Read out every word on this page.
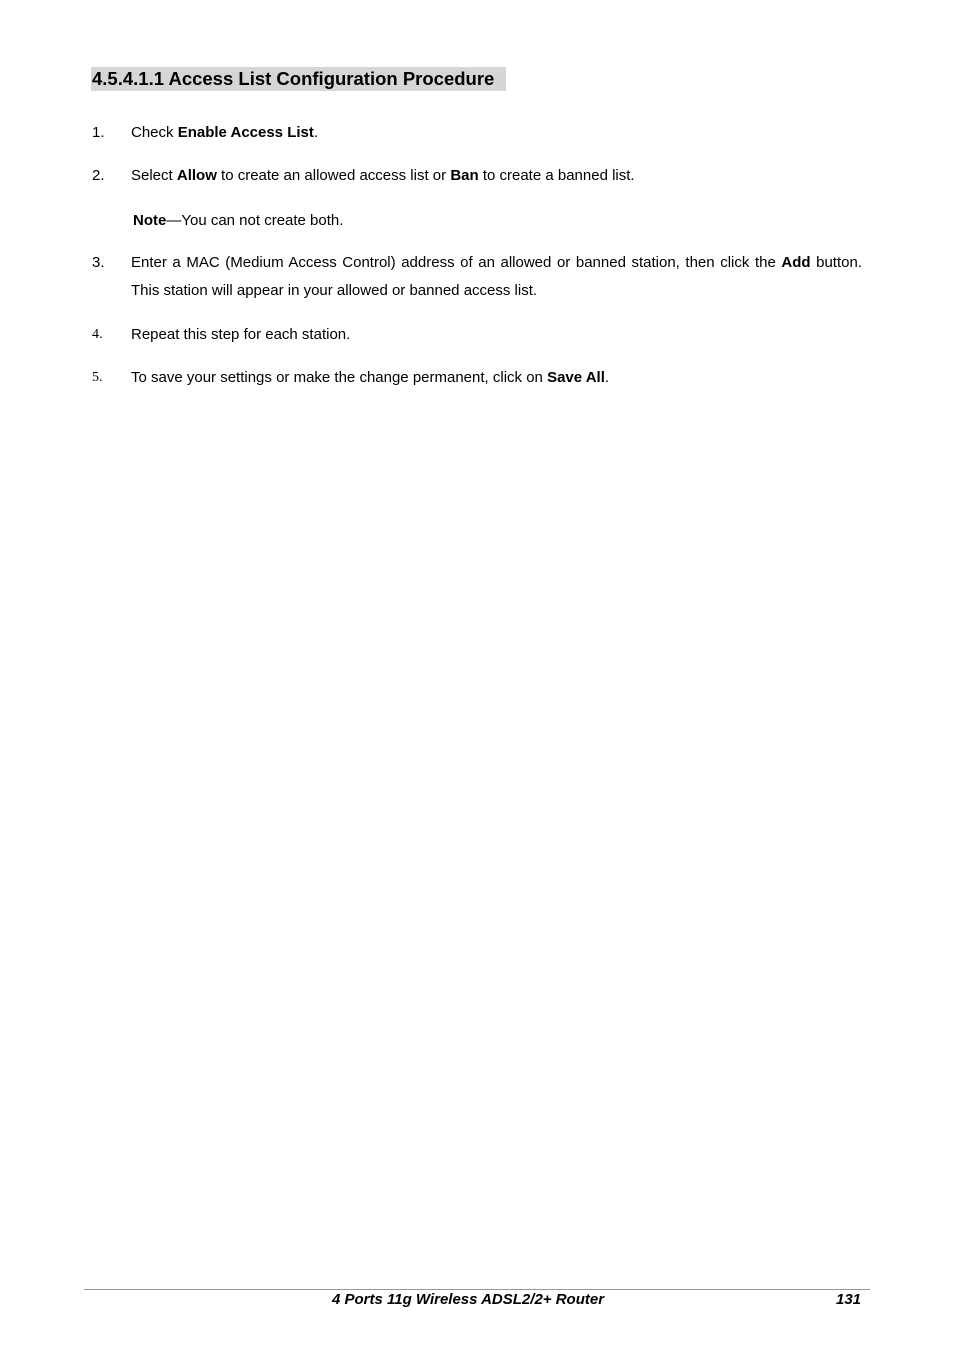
4.5.4.1.1 Access List Configuration Procedure
1. Check Enable Access List.
2. Select Allow to create an allowed access list or Ban to create a banned list.
Note—You can not create both.
3. Enter a MAC (Medium Access Control) address of an allowed or banned station, then click the Add button. This station will appear in your allowed or banned access list.
4. Repeat this step for each station.
5. To save your settings or make the change permanent, click on Save All.
4 Ports 11g Wireless ADSL2/2+ Router	131
